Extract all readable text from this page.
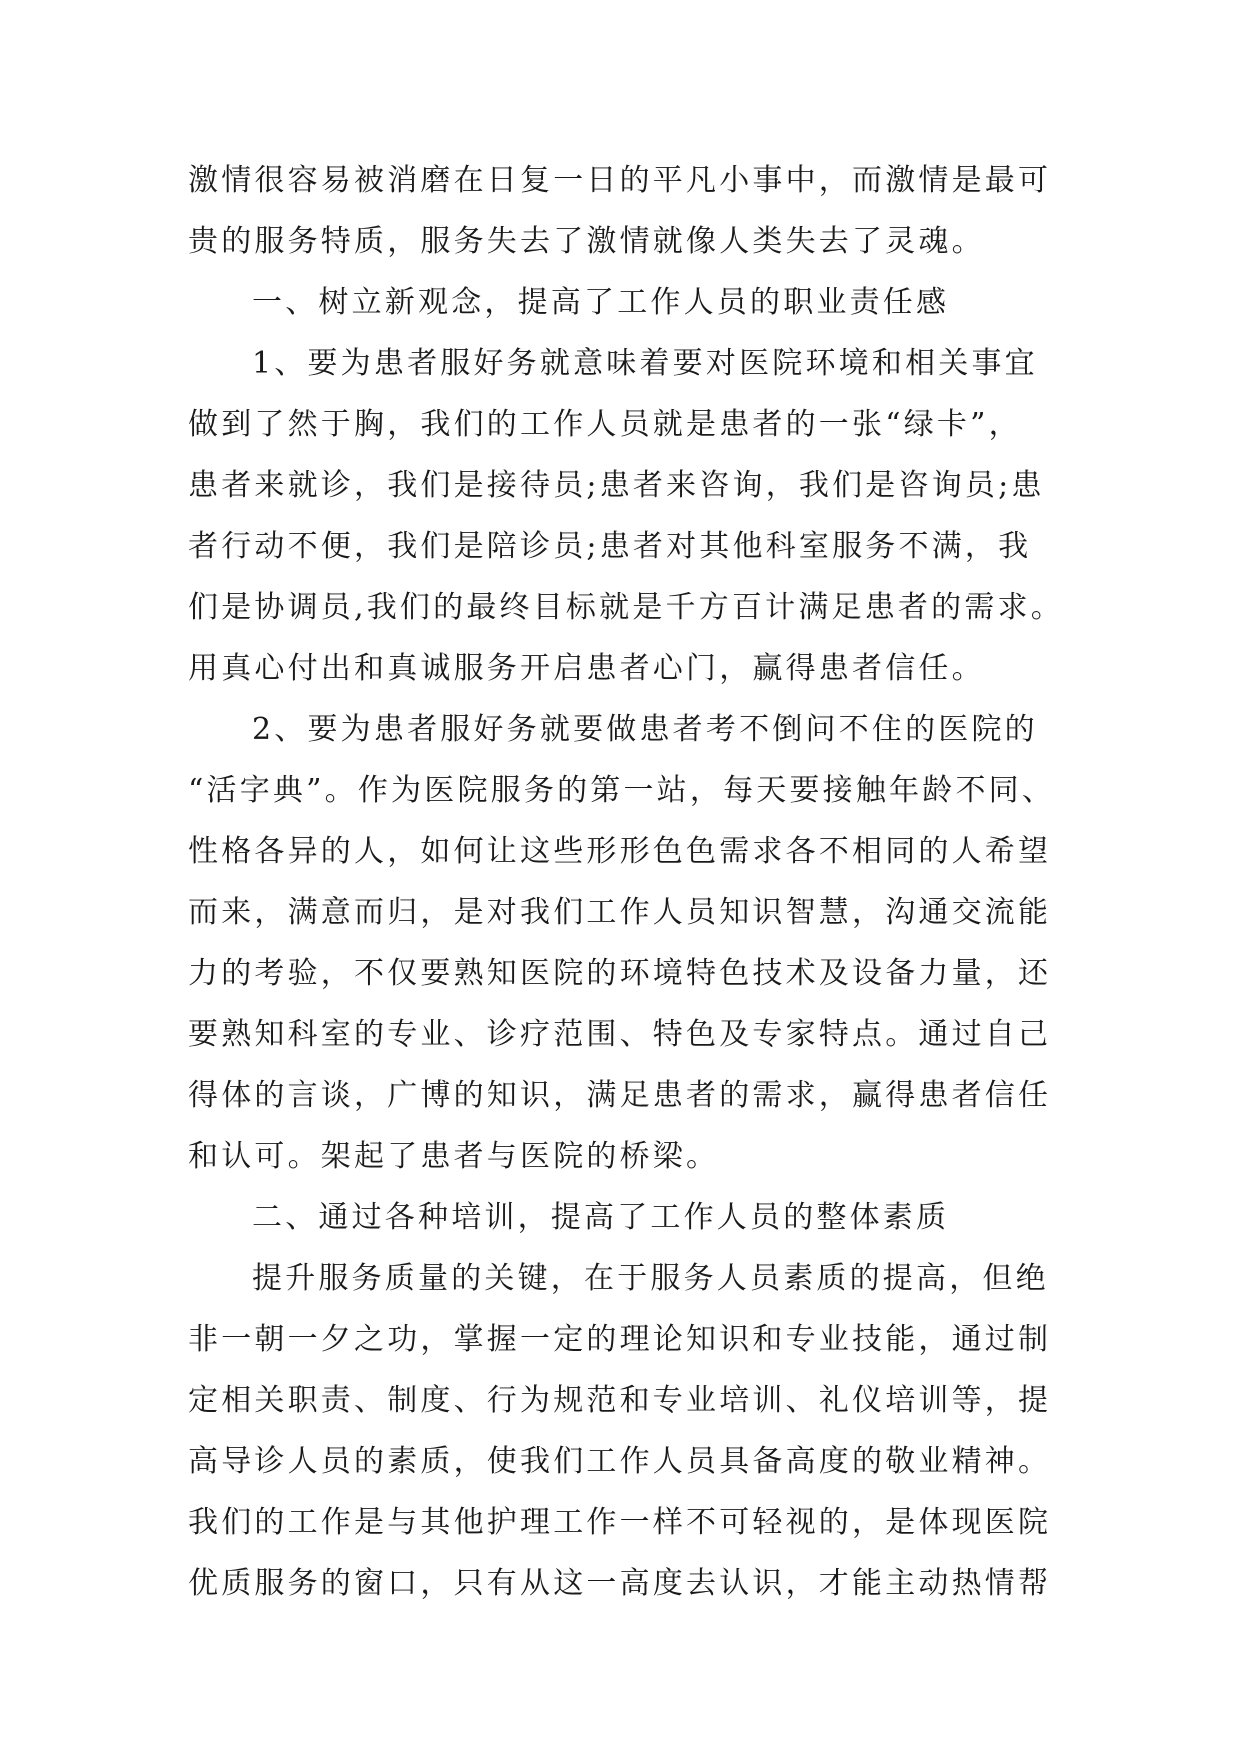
激情很容易被消磨在日复一日的平凡小事中，而激情是最可
贵的服务特质，服务失去了激情就像人类失去了灵魂。
一、树立新观念，提高了工作人员的职业责任感
1、要为患者服好务就意味着要对医院环境和相关事宜
做到了然于胸，我们的工作人员就是患者的一张“绿卡”，
患者来就诊，我们是接待员;患者来咨询，我们是咨询员;患
者行动不便，我们是陪诊员;患者对其他科室服务不满，我
们是协调员,我们的最终目标就是千方百计满足患者的需求。
用真心付出和真诚服务开启患者心门，赢得患者信任。
2、要为患者服好务就要做患者考不倒问不住的医院的
“活字典”。作为医院服务的第一站，每天要接触年龄不同、
性格各异的人，如何让这些形形色色需求各不相同的人希望
而来，满意而归，是对我们工作人员知识智慧，沟通交流能
力的考验，不仅要熟知医院的环境特色技术及设备力量，还
要熟知科室的专业、诊疗范围、特色及专家特点。通过自己
得体的言谈，广博的知识，满足患者的需求，赢得患者信任
和认可。架起了患者与医院的桥梁。
二、通过各种培训，提高了工作人员的整体素质
提升服务质量的关键，在于服务人员素质的提高，但绝
非一朝一夕之功，掌握一定的理论知识和专业技能，通过制
定相关职责、制度、行为规范和专业培训、礼仪培训等，提
高导诊人员的素质，使我们工作人员具备高度的敬业精神。
我们的工作是与其他护理工作一样不可轻视的，是体现医院
优质服务的窗口，只有从这一高度去认识，才能主动热情帮
